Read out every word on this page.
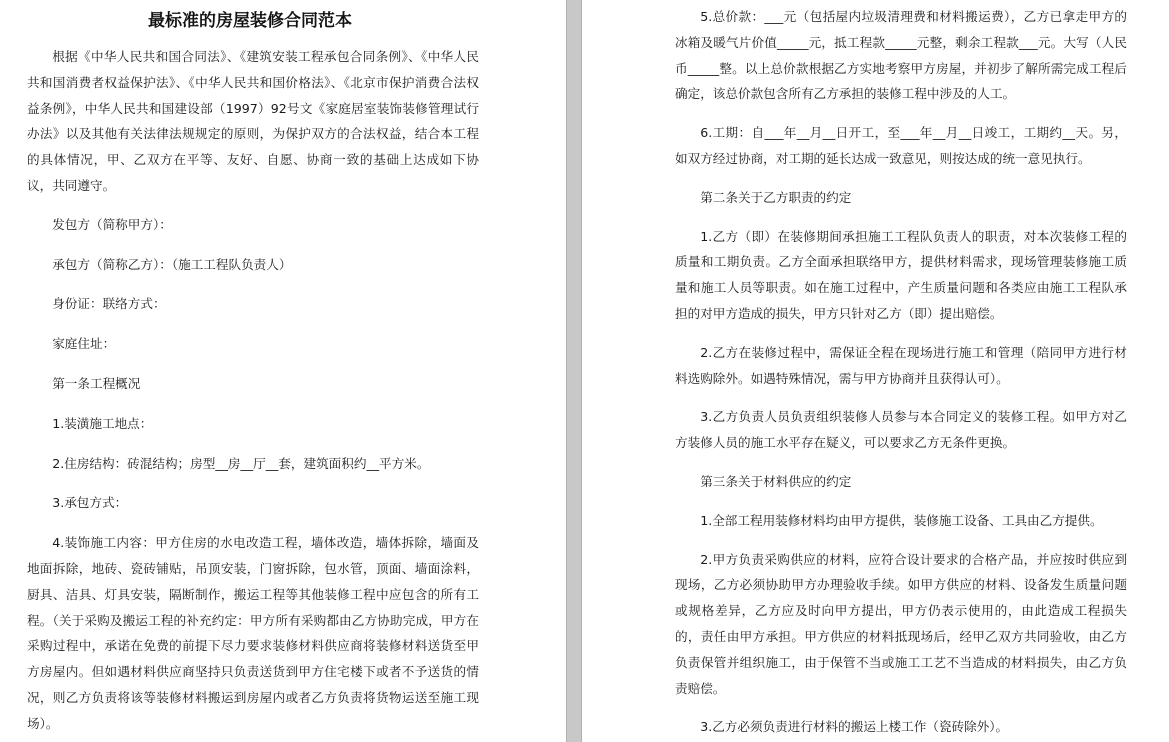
最标准的房屋装修合同范本

根据《中华人民共和国合同法》、《建筑安装工程承包合同条例》、《中华人民共和国消费者权益保护法》、《中华人民共和国价格法》、《北京市保护消费合法权益条例》，中华人民共和国建设部（1997）92号文《家庭居室装饰装修管理试行办法》以及其他有关法律法规规定的原则，为保护双方的合法权益，结合本工程的具体情况，甲、乙双方在平等、友好、自愿、协商一致的基础上达成如下协议，共同遵守。

发包方（简称甲方）：

承包方（简称乙方）：（施工工程队负责人）

身份证：联络方式：

家庭住址：

第一条工程概况

1.装潢施工地点：

2.住房结构：砖混结构；房型__房__厅__套，建筑面积约__平方米。

3.承包方式：

4.装饰施工内容：甲方住房的水电改造工程，墙体改造，墙体拆除，墙面及地面拆除，地砖、瓷砖铺贴，吊顶安装，门窗拆除，包水管，顶面、墙面涂料，厨具、洁具、灯具安装，隔断制作，搬运工程等其他装修工程中应包含的所有工程。（关于采购及搬运工程的补充约定：甲方所有采购都由乙方协助完成，甲方在采购过程中，承诺在免费的前提下尽力要求装修材料供应商将装修材料送货至甲方房屋内。但如遇材料供应商坚持只负责送货到甲方住宅楼下或者不予送货的情况，则乙方负责将该等装修材料搬运到房屋内或者乙方负责将货物运送至施工现场）。

5.总价款：___元（包括屋内垃圾清理费和材料搬运费），乙方已拿走甲方的冰箱及暖气片价值_____元，抵工程款_____元整，剩余工程款___元。大写（人民币_____整。以上总价款根据乙方实地考察甲方房屋，并初步了解所需完成工程后确定，该总价款包含所有乙方承担的装修工程中涉及的人工。

6.工期：自___年__月__日开工，至___年__月__日竣工，工期约__天。另，如双方经过协商，对工期的延长达成一致意见，则按达成的统一意见执行。

第二条关于乙方职责的约定

1.乙方（即）在装修期间承担施工工程队负责人的职责，对本次装修工程的质量和工期负责。乙方全面承担联络甲方，提供材料需求，现场管理装修施工质量和施工人员等职责。如在施工过程中，产生质量问题和各类应由施工工程队承担的对甲方造成的损失，甲方只针对乙方（即）提出赔偿。

2.乙方在装修过程中，需保证全程在现场进行施工和管理（陪同甲方进行材料选购除外。如遇特殊情况，需与甲方协商并且获得认可）。

3.乙方负责人员负责组织装修人员参与本合同定义的装修工程。如甲方对乙方装修人员的施工水平存在疑义，可以要求乙方无条件更换。

第三条关于材料供应的约定

1.全部工程用装修材料均由甲方提供，装修施工设备、工具由乙方提供。

2.甲方负责采购供应的材料，应符合设计要求的合格产品，并应按时供应到现场，乙方必须协助甲方办理验收手续。如甲方供应的材料、设备发生质量问题或规格差异，乙方应及时向甲方提出，甲方仍表示使用的，由此造成工程损失的，责任由甲方承担。甲方供应的材料抵现场后，经甲乙双方共同验收，由乙方负责保管并组织施工，由于保管不当或施工工艺不当造成的材料损失，由乙方负责赔偿。

3.乙方必须负责进行材料的搬运上楼工作（瓷砖除外）。
